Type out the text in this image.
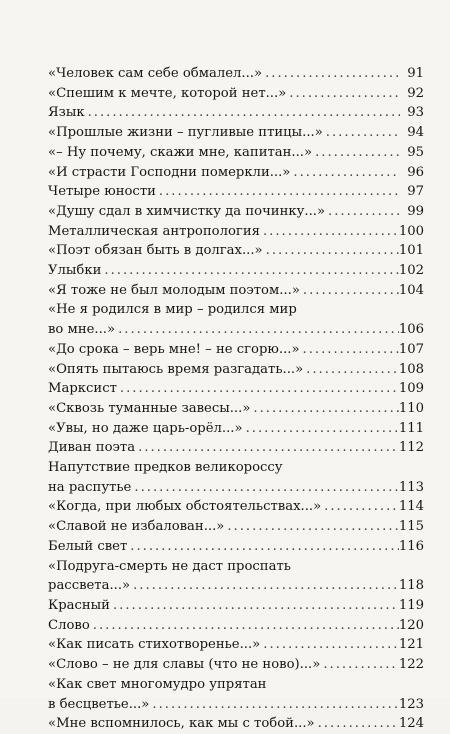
«Человек сам себе обмалел...» .....	91
«Спешим к мечте, которой нет...» .....	92
Язык .....	93
«Прошлые жизни – пугливые птицы...» .....	94
«– Ну почему, скажи мне, капитан...» .....	95
«И страсти Господни померкли...» .....	96
Четыре юности .....	97
«Душу сдал в химчистку да починку...» .....	99
Металлическая антропология .....	100
«Поэт обязан быть в долгах...» .....	101
Улыбки .....	102
«Я тоже не был молодым поэтом...» .....	104
«Не я родился в мир – родился мир
во мне...» .....	106
«До срока – верь мне! – не сгорю...» .....	107
«Опять пытаюсь время разгадать...» .....	108
Марксист .....	109
«Сквозь туманные завесы...» .....	110
«Увы, но даже царь-орёл...» .....	111
Диван поэта .....	112
Напутствие предков великороссу
на распутье .....	113
«Когда, при любых обстоятельствах...» .....	114
«Славой не избалован...» .....	115
Белый свет .....	116
«Подруга-смерть не даст проспать
рассвета...» .....	118
Красный .....	119
Слово .....	120
«Как писать стихотворенье...» .....	121
«Слово – не для славы (что не ново)...» .....	122
«Как свет многомудро упрятан
в бесцветье...» .....	123
«Мне вспомнилось, как мы с тобой...» .....	124
